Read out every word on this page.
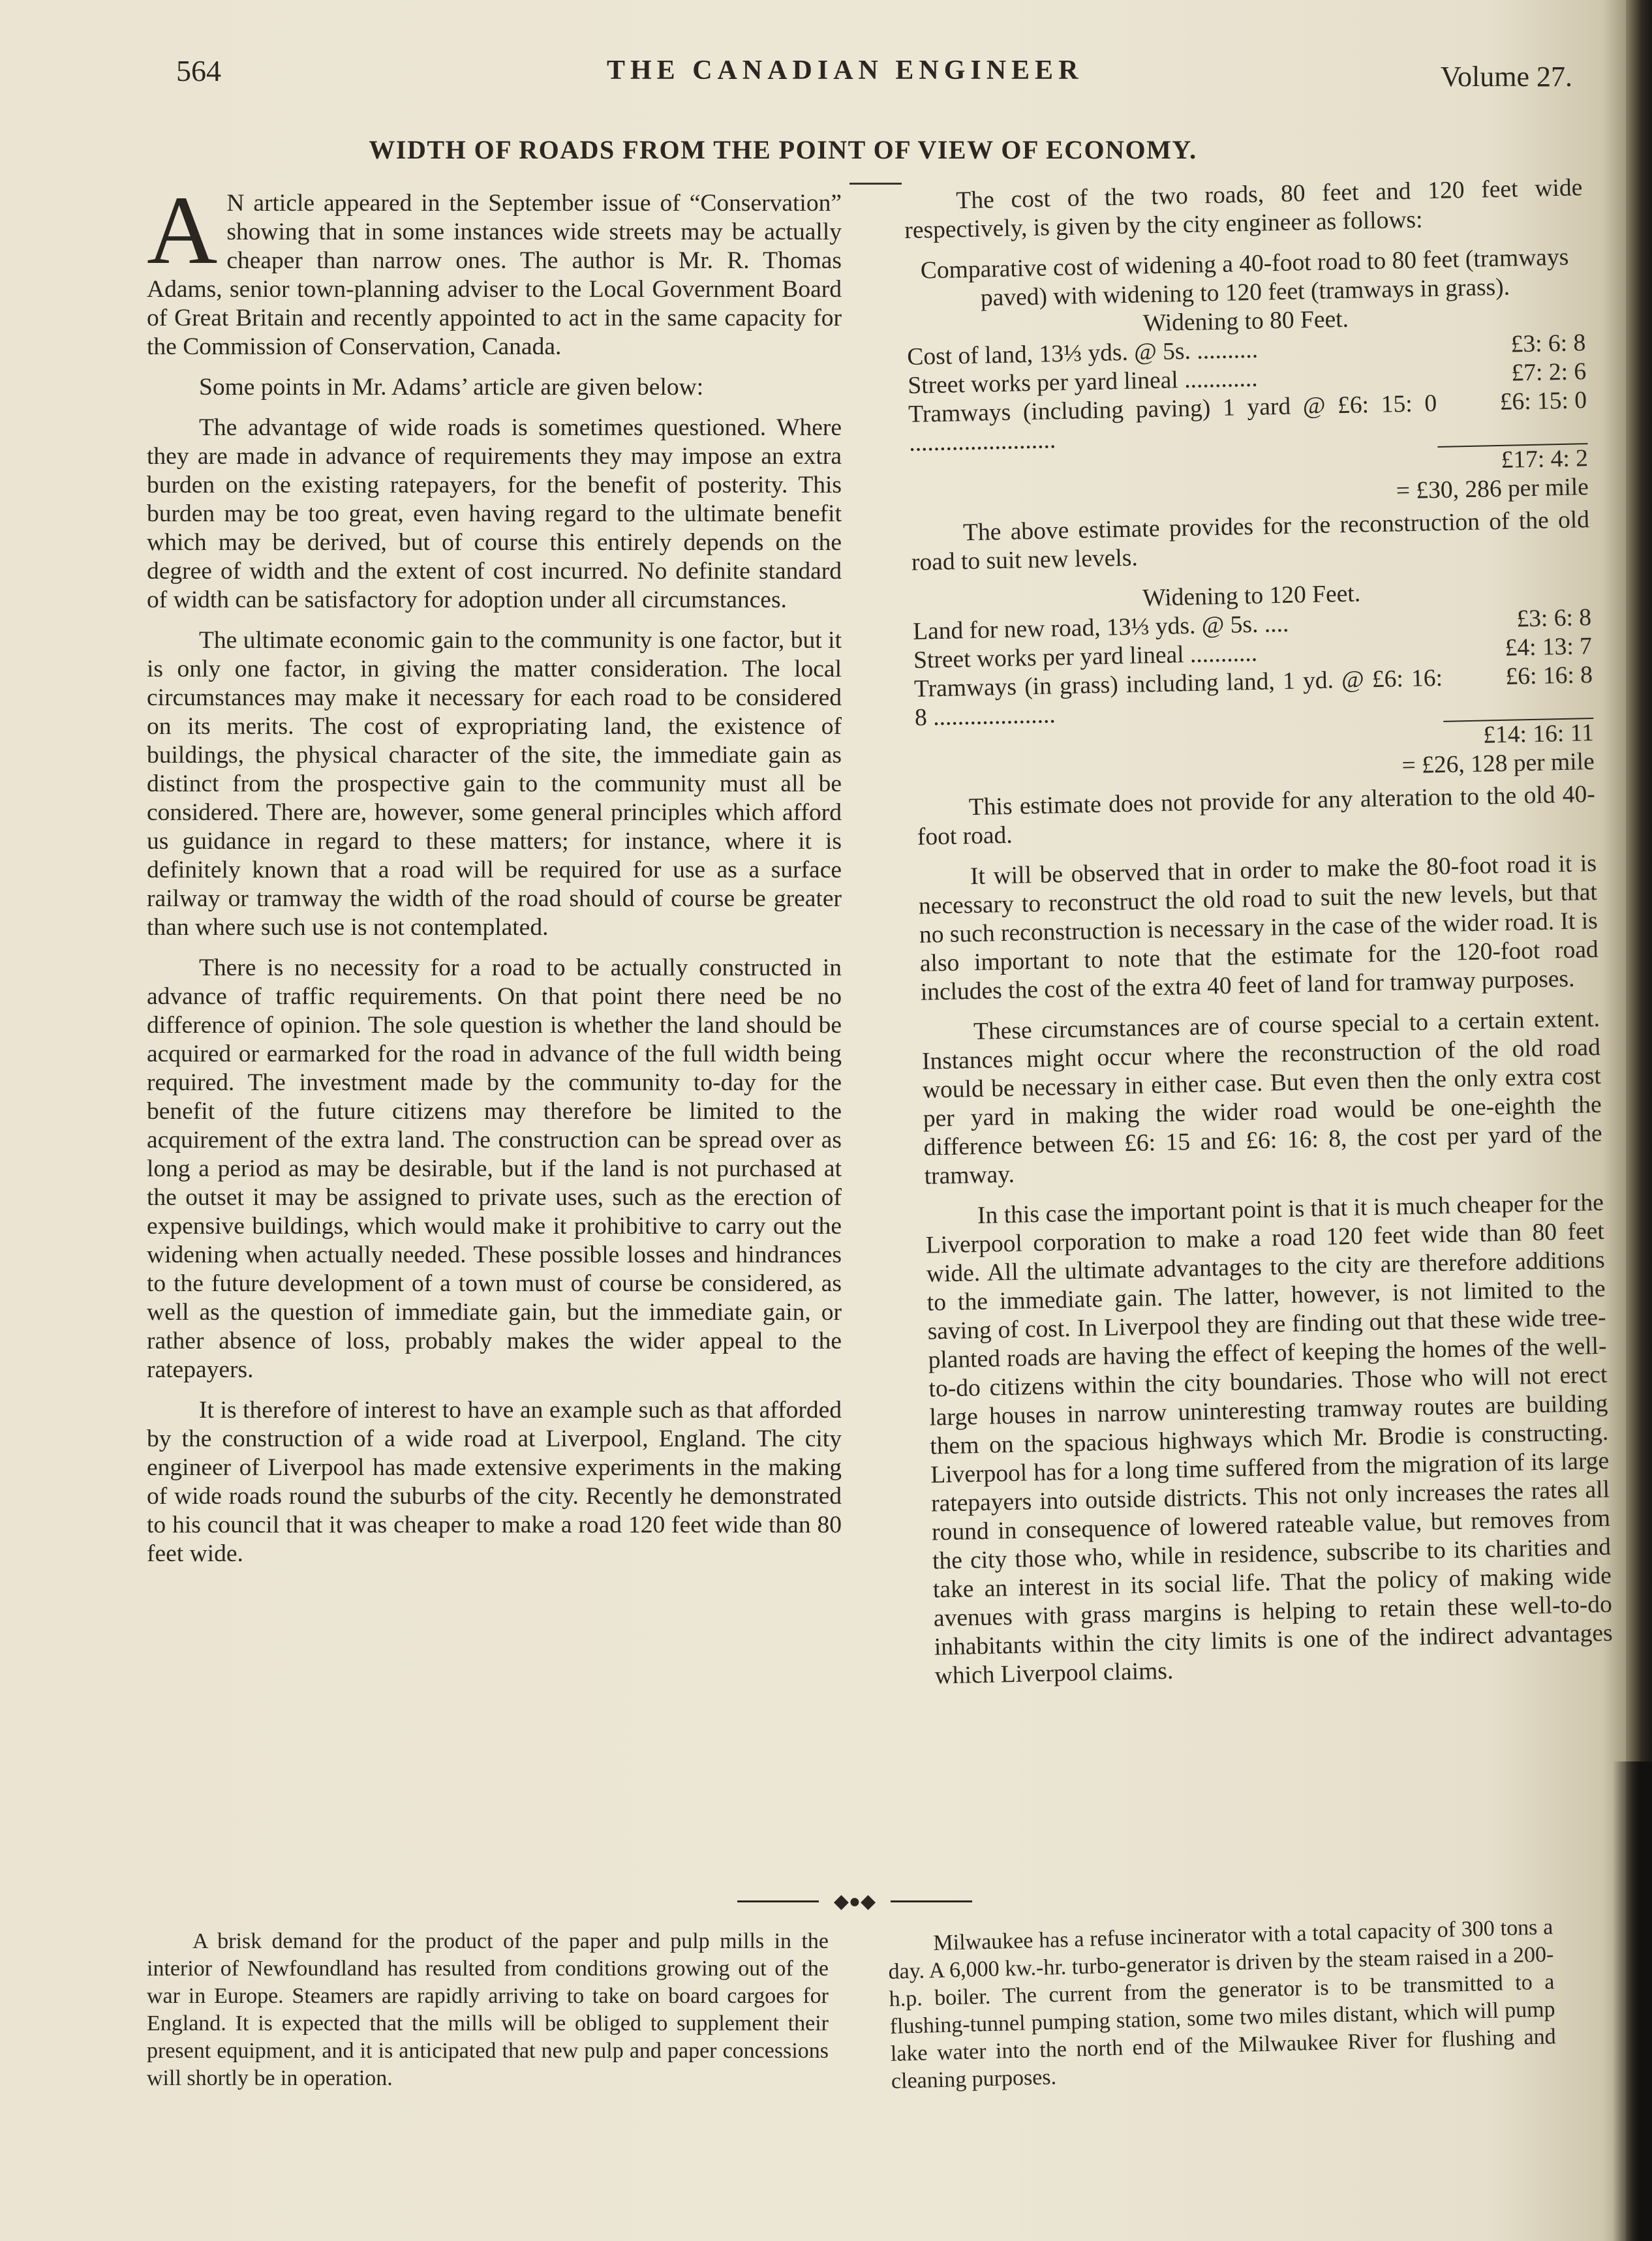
564	THE CANADIAN ENGINEER	Volume 27.
WIDTH OF ROADS FROM THE POINT OF VIEW OF ECONOMY.

A N article appeared in the September issue of “Conservation” showing that in some instances wide streets may be actually cheaper than narrow ones. The author is Mr. R. Thomas Adams, senior town-planning adviser to the Local Government Board of Great Britain and recently appointed to act in the same capacity for the Commission of Conservation, Canada.

Some points in Mr. Adams’ article are given below:

The advantage of wide roads is sometimes questioned. Where they are made in advance of requirements they may impose an extra burden on the existing ratepayers, for the benefit of posterity. This burden may be too great, even having regard to the ultimate benefit which may be derived, but of course this entirely depends on the degree of width and the extent of cost incurred. No definite standard of width can be satisfactory for adoption under all circumstances.

The ultimate economic gain to the community is one factor, but it is only one factor, in giving the matter consideration. The local circumstances may make it necessary for each road to be considered on its merits. The cost of expropriating land, the existence of buildings, the physical character of the site, the immediate gain as distinct from the prospective gain to the community must all be considered. There are, however, some general principles which afford us guidance in regard to these matters; for instance, where it is definitely known that a road will be required for use as a surface railway or tramway the width of the road should of course be greater than where such use is not contemplated.

There is no necessity for a road to be actually constructed in advance of traffic requirements. On that point there need be no difference of opinion. The sole question is whether the land should be acquired or earmarked for the road in advance of the full width being required. The investment made by the community to-day for the benefit of the future citizens may therefore be limited to the acquirement of the extra land. The construction can be spread over as long a period as may be desirable, but if the land is not purchased at the outset it may be assigned to private uses, such as the erection of expensive buildings, which would make it prohibitive to carry out the widening when actually needed. These possible losses and hindrances to the future development of a town must of course be considered, as well as the question of immediate gain, but the immediate gain, or rather absence of loss, probably makes the wider appeal to the ratepayers.

It is therefore of interest to have an example such as that afforded by the construction of a wide road at Liverpool, England. The city engineer of Liverpool has made extensive experiments in the making of wide roads round the suburbs of the city. Recently he demonstrated to his council that it was cheaper to make a road 120 feet wide than 80 feet wide.

The cost of the two roads, 80 feet and 120 feet wide respectively, is given by the city engineer as follows:

Comparative cost of widening a 40-foot road to 80 feet (tramways paved) with widening to 120 feet (tramways in grass).

Widening to 80 Feet.

Cost of land, 13⅓ yds. @ 5s. ..........	£3: 6: 8
Street works per yard lineal ............	£7: 2: 6
Tramways (including paving) 1 yard @ £6: 15: 0 ........................	£6: 15: 0
	£17: 4: 2

= £30, 286 per mile

The above estimate provides for the reconstruction of the old road to suit new levels.

Widening to 120 Feet.

Land for new road, 13⅓ yds. @ 5s. ....	£3: 6: 8
Street works per yard lineal ...........	£4: 13: 7
Tramways (in grass) including land, 1 yd. @ £6: 16: 8 ....................	£6: 16: 8
	£14: 16: 11

= £26, 128 per mile

This estimate does not provide for any alteration to the old 40-foot road.

It will be observed that in order to make the 80-foot road it is necessary to reconstruct the old road to suit the new levels, but that no such reconstruction is necessary in the case of the wider road. It is also important to note that the estimate for the 120-foot road includes the cost of the extra 40 feet of land for tramway purposes.

These circumstances are of course special to a certain extent. Instances might occur where the reconstruction of the old road would be necessary in either case. But even then the only extra cost per yard in making the wider road would be one-eighth the difference between £6: 15 and £6: 16: 8, the cost per yard of the tramway.

In this case the important point is that it is much cheaper for the Liverpool corporation to make a road 120 feet wide than 80 feet wide. All the ultimate advantages to the city are therefore additions to the immediate gain. The latter, however, is not limited to the saving of cost. In Liverpool they are finding out that these wide tree-planted roads are having the effect of keeping the homes of the well-to-do citizens within the city boundaries. Those who will not erect large houses in narrow uninteresting tramway routes are building them on the spacious highways which Mr. Brodie is constructing. Liverpool has for a long time suffered from the migration of its large ratepayers into outside districts. This not only increases the rates all round in consequence of lowered rateable value, but removes from the city those who, while in residence, subscribe to its charities and take an interest in its social life. That the policy of making wide avenues with grass margins is helping to retain these well-to-do inhabitants within the city limits is one of the indirect advantages which Liverpool claims.

◆●◆

A brisk demand for the product of the paper and pulp mills in the interior of Newfoundland has resulted from conditions growing out of the war in Europe. Steamers are rapidly arriving to take on board cargoes for England. It is expected that the mills will be obliged to supplement their present equipment, and it is anticipated that new pulp and paper concessions will shortly be in operation.

Milwaukee has a refuse incinerator with a total capacity of 300 tons a day. A 6,000 kw.-hr. turbo-generator is driven by the steam raised in a 200-h.p. boiler. The current from the generator is to be transmitted to a flushing-tunnel pumping station, some two miles distant, which will pump lake water into the north end of the Milwaukee River for flushing and cleaning purposes.
